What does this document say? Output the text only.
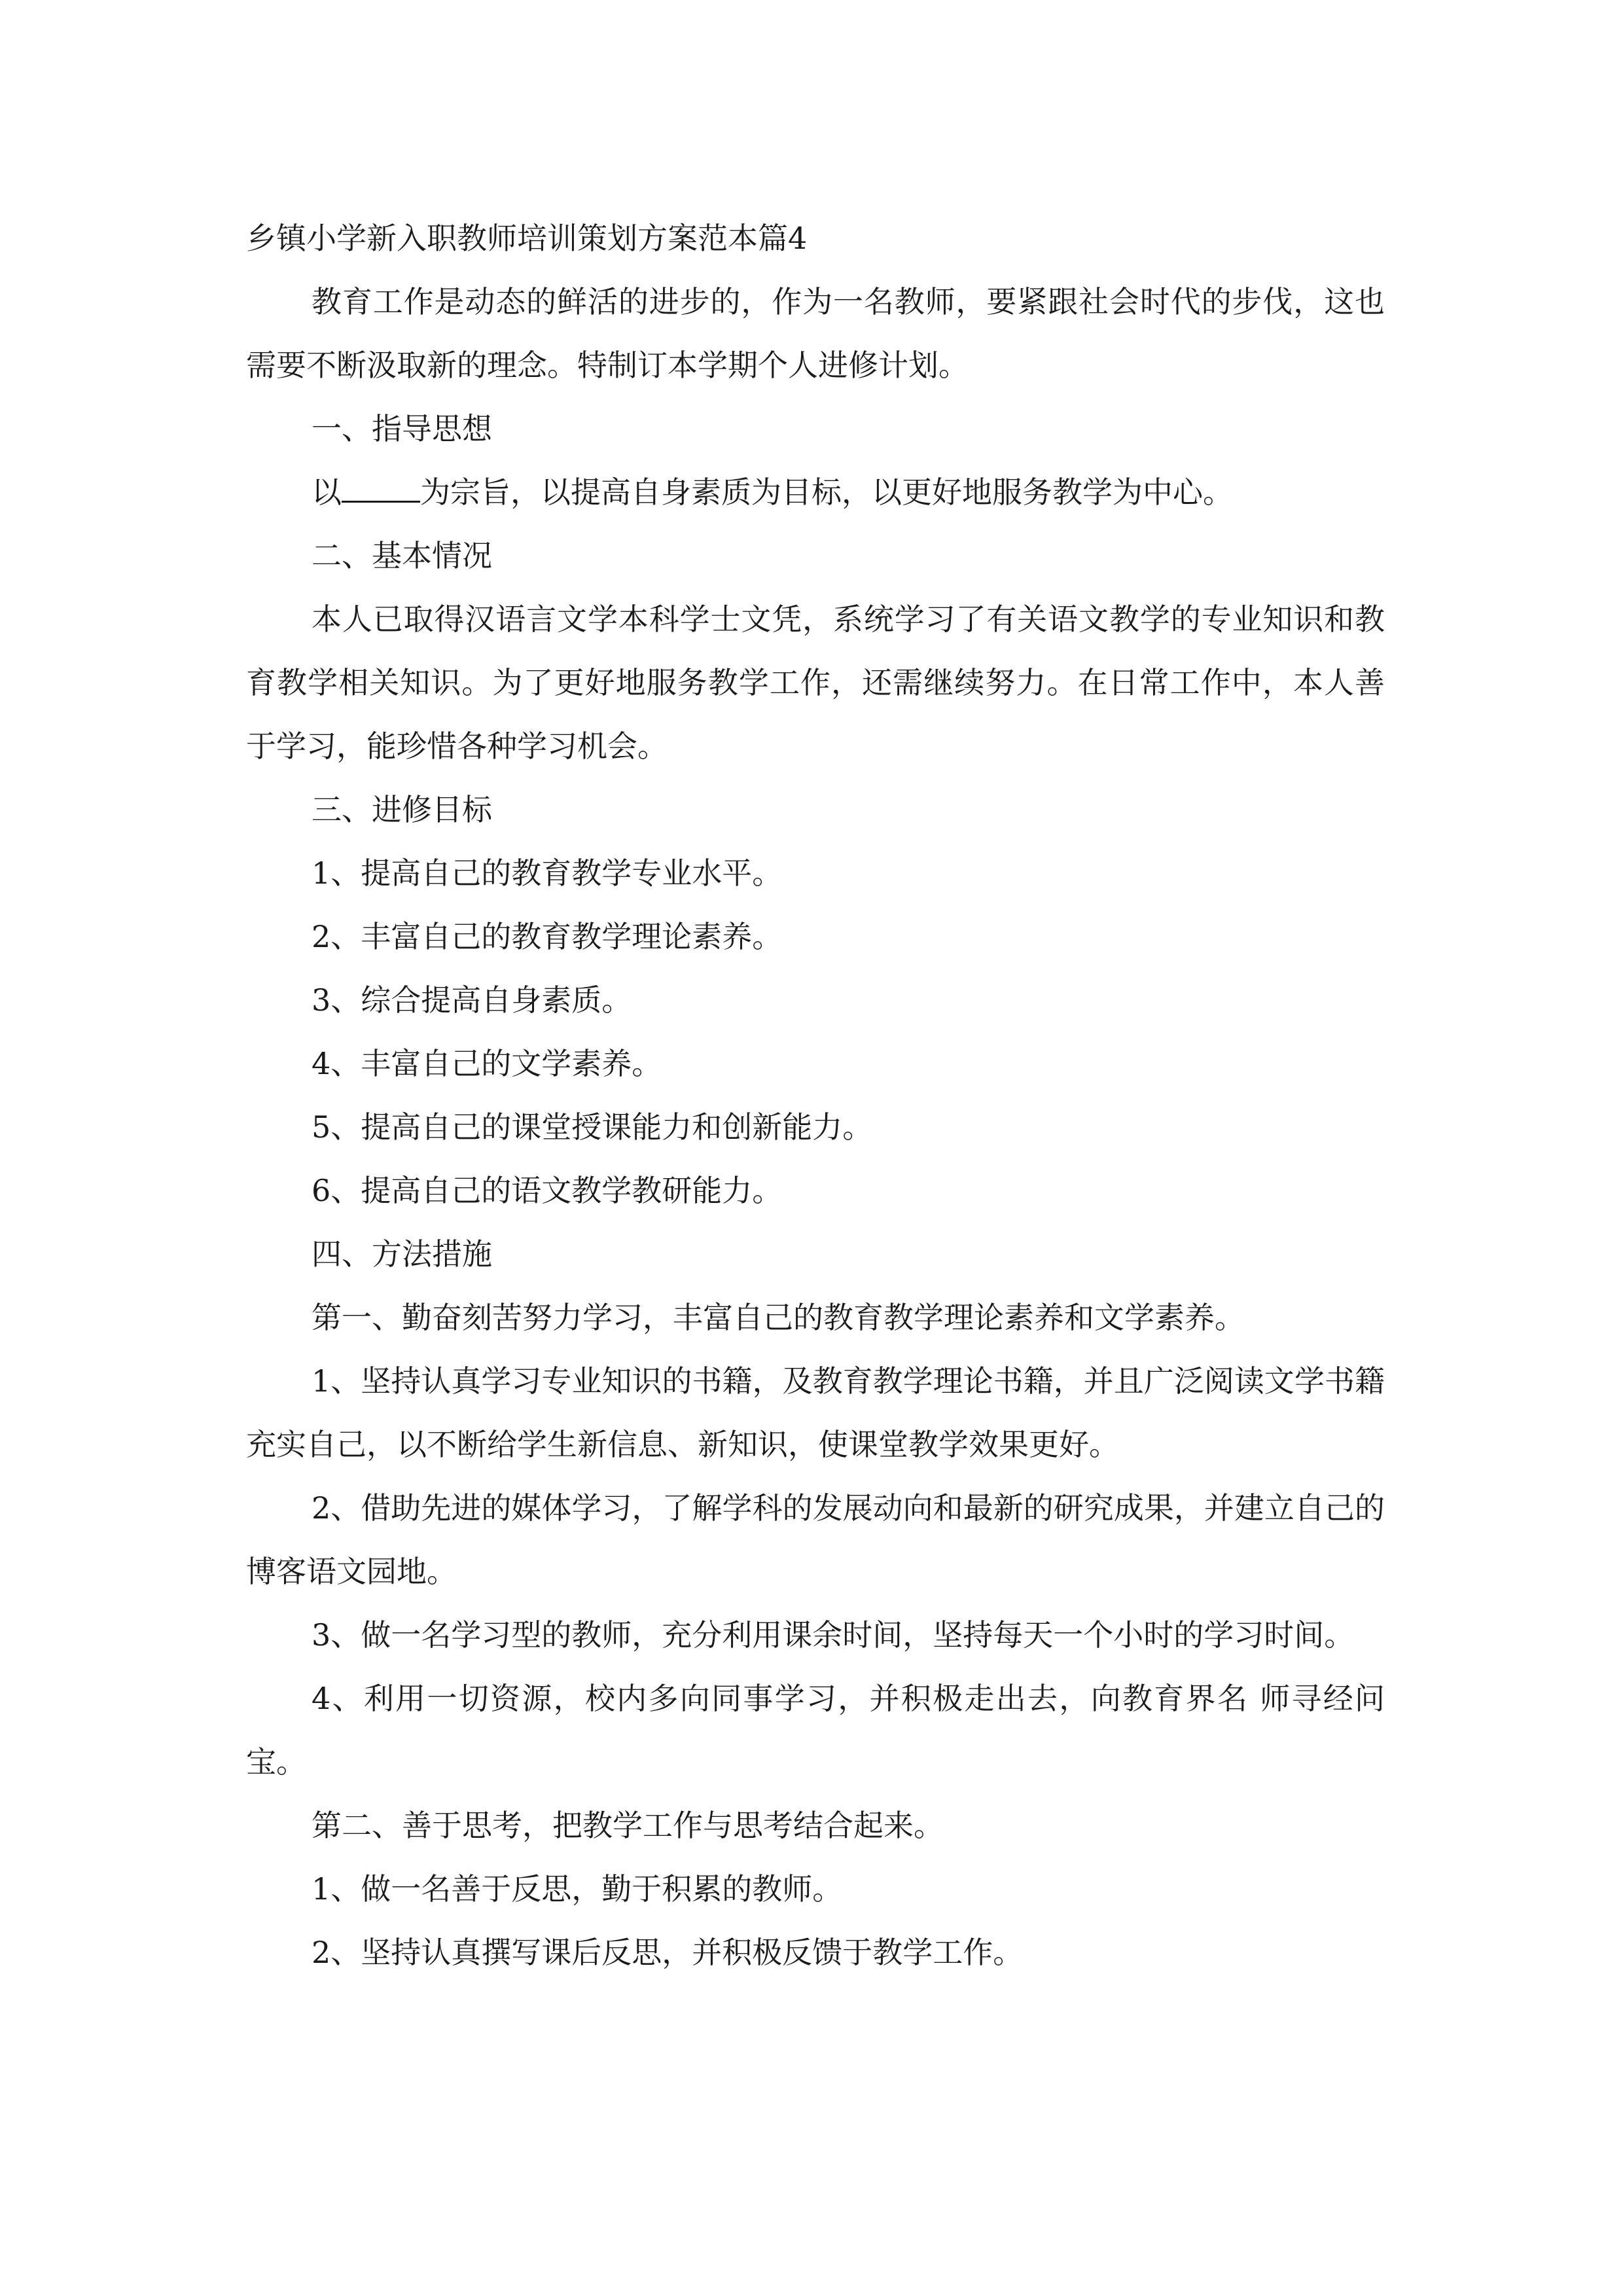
乡镇小学新入职教师培训策划方案范本篇4

教育工作是动态的鲜活的进步的，作为一名教师，要紧跟社会时代的步伐，这也需要不断汲取新的理念。特制订本学期个人进修计划。

一、指导思想

以	为宗旨，以提高自身素质为目标，以更好地服务教学为中心。

二、基本情况

本人已取得汉语言文学本科学士文凭，系统学习了有关语文教学的专业知识和教育教学相关知识。为了更好地服务教学工作，还需继续努力。在日常工作中，本人善于学习，能珍惜各种学习机会。

三、进修目标

1、提高自己的教育教学专业水平。

2、丰富自己的教育教学理论素养。

3、综合提高自身素质。

4、丰富自己的文学素养。

5、提高自己的课堂授课能力和创新能力。

6、提高自己的语文教学教研能力。

四、方法措施

第一、勤奋刻苦努力学习，丰富自己的教育教学理论素养和文学素养。

1、坚持认真学习专业知识的书籍，及教育教学理论书籍，并且广泛阅读文学书籍充实自己，以不断给学生新信息、新知识，使课堂教学效果更好。

2、借助先进的媒体学习，了解学科的发展动向和最新的研究成果，并建立自己的博客语文园地。

3、做一名学习型的教师，充分利用课余时间，坚持每天一个小时的学习时间。

4、利用一切资源，校内多向同事学习，并积极走出去，向教育界名 师寻经问宝。

第二、善于思考，把教学工作与思考结合起来。

1、做一名善于反思，勤于积累的教师。

2、坚持认真撰写课后反思，并积极反馈于教学工作。
